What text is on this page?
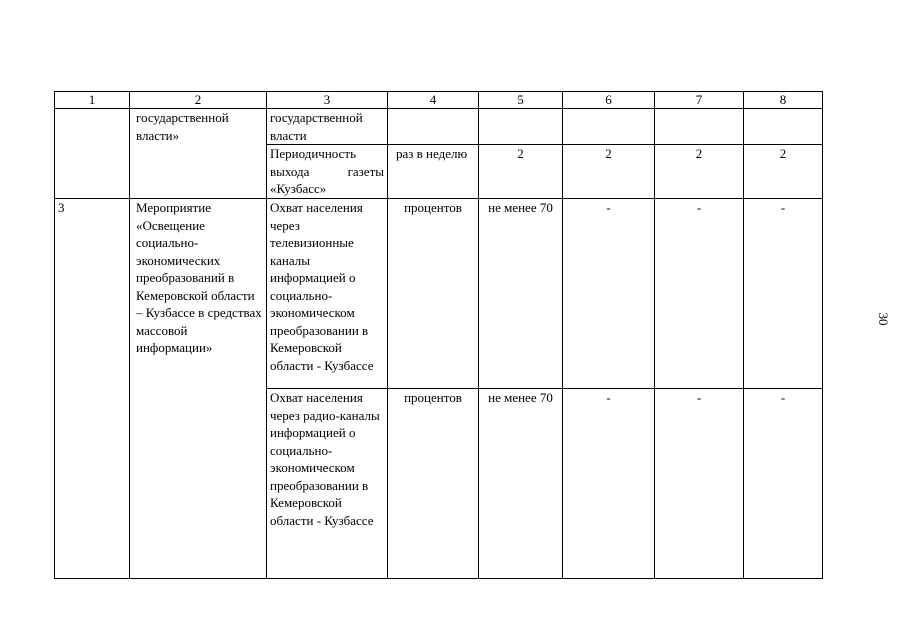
1	2	3	4	5	6	7	8
	государственной власти»	государственной власти					
		Периодичность выхода газеты «Кузбасс»	раз в неделю	2	2	2	2
3	Мероприятие «Освещение социально-экономических преобразований в Кемеровской области – Кузбассе в средствах массовой информации»	Охват населения через телевизионные каналы информацией о социально-экономическом преобразовании в Кемеровской области - Кузбассе	процентов	не менее 70	-	-	-
		Охват населения через радио-каналы информацией о социально-экономическом преобразовании в Кемеровской области - Кузбассе	процентов	не менее 70	-	-	-
30
